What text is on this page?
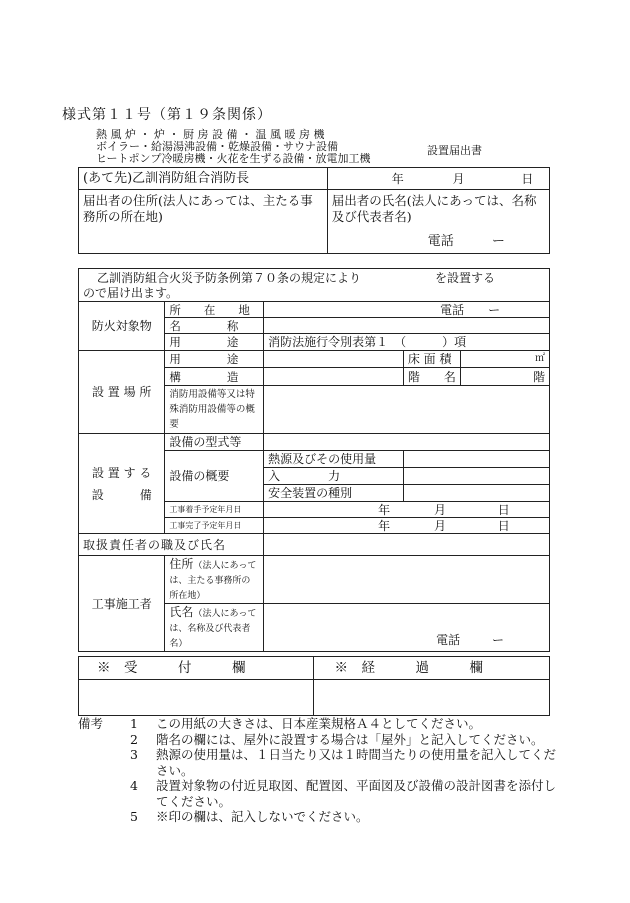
様式第１１号（第１９条関係）
熱 風 炉 ・ 炉 ・ 厨 房 設 備 ・ 温 風 暖 房 機
ボイラー・給湯湯沸設備・乾燥設備・サウナ設備
ヒートポンプ冷暖房機・火花を生ずる設備・放電加工機
設置届出書
(あて先)乙訓消防組合消防長	年 月 日
届出者の住所(法人にあっては、主たる事務所の所在地)	届出者の氏名(法人にあっては、名称及び代表者名)
電話 ー
乙訓消防組合火災予防条例第７０条の規定により を設置する
ので届け出ます。				

防火対象物	所　　在　　地	電話　　ー		
	名　　　　称			
	用　　　　途	消防法施行令別表第１　（　　　）項		
設 置 場 所	用　　　　途		床 面 積	㎡
	構　　　　造		階　　名	階
	消防用設備等又は特殊消防用設備等の概要			

設 置 す る
設　　　備	設備の型式等			
	設備の概要	熱源及びその使用量		
		入　　　　力		
		安全装置の種別		
	工事着手予定年月日	年 月 日		
	工事完了予定年月日	年 月 日		
取扱責任者の職及び氏名				
工事施工者	住所（法人にあっては、主たる事務所の所在地）			
	氏名（法人にあっては、名称及び代表者名）	電話 ー		
※　受　　　付　　　欄	※　経　　　過　　　欄

備考	1	この用紙の大きさは、日本産業規格Ａ４としてください。
2	階名の欄には、屋外に設置する場合は「屋外」と記入してください。
3	熱源の使用量は、１日当たり又は１時間当たりの使用量を記入してください。
4	設置対象物の付近見取図、配置図、平面図及び設備の設計図書を添付してください。
5	※印の欄は、記入しないでください。
